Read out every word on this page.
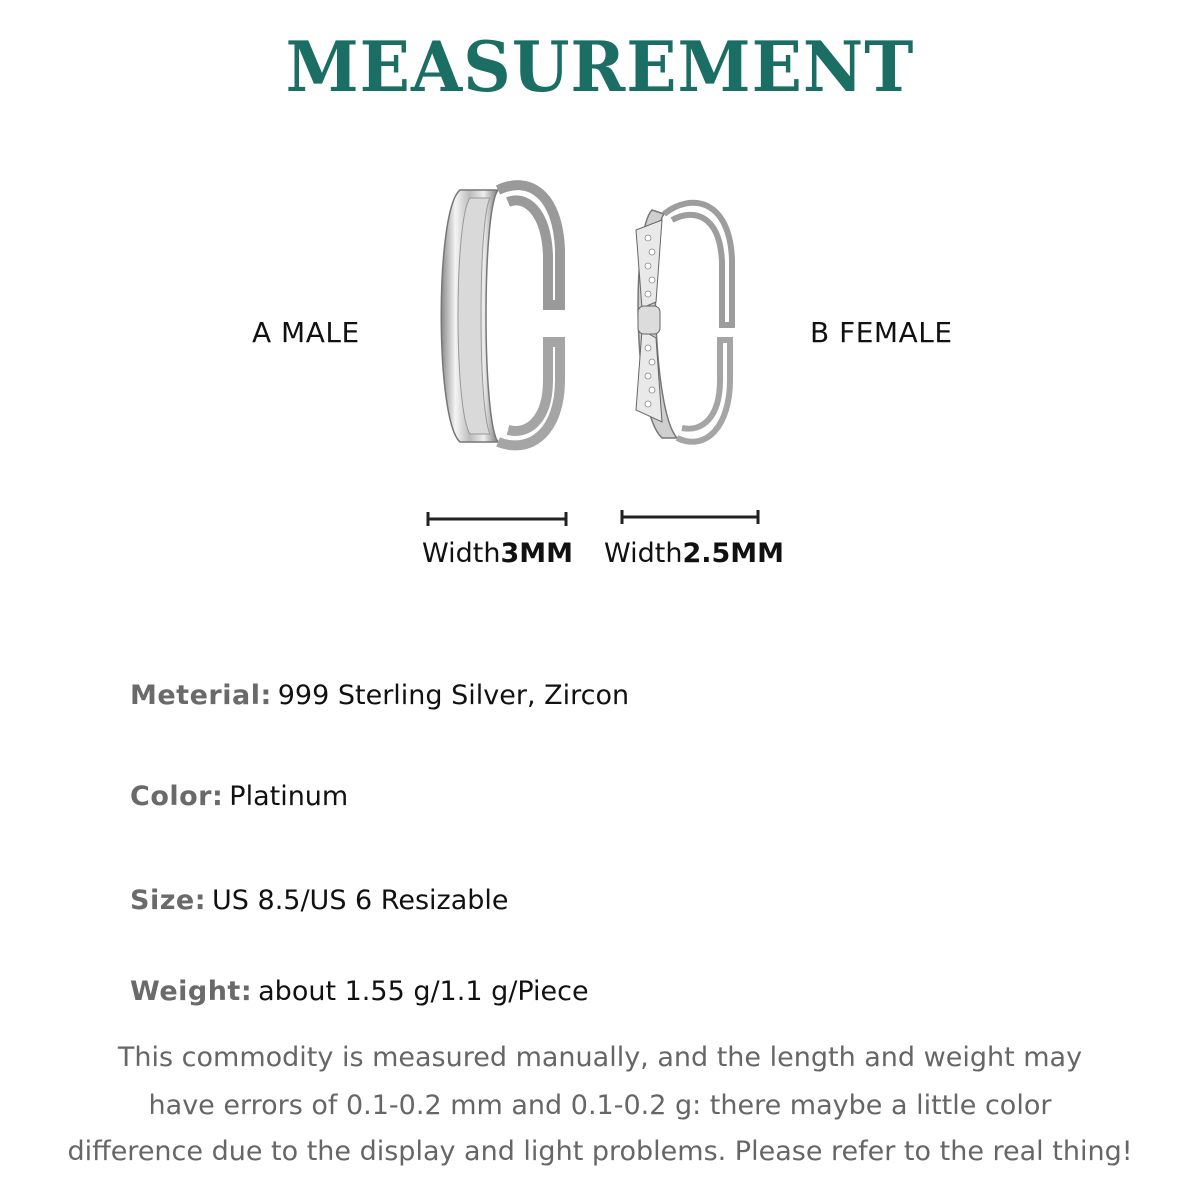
MEASUREMENT
A MALE	B FEMALE
Width3MM Width2.5MM
Meterial: 999 Sterling Silver, Zircon
Color: Platinum
Size: US 8.5/US 6 Resizable
Weight: about 1.55 g/1.1 g/Piece
This commodity is measured manually, and the length and weight may
have errors of 0.1-0.2 mm and 0.1-0.2 g: there maybe a little color
difference due to the display and light problems. Please refer to the real thing!
